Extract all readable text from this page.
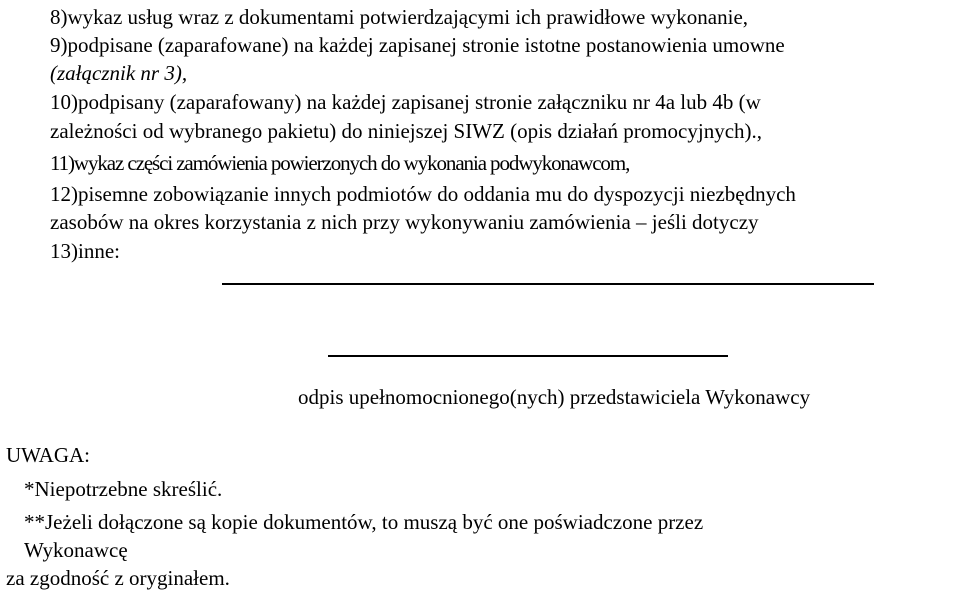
8)wykaz usług wraz z dokumentami potwierdzającymi ich prawidłowe wykonanie,
9)podpisane (zaparafowane) na każdej zapisanej stronie istotne postanowienia umowne
(załącznik nr 3),
10)podpisany (zaparafowany) na każdej zapisanej stronie załączniku nr 4a lub 4b (w
zależności od wybranego pakietu) do niniejszej SIWZ (opis działań promocyjnych).,
11)wykaz części zamówienia powierzonych do wykonania podwykonawcom,
12)pisemne zobowiązanie innych podmiotów do oddania mu do dyspozycji niezbędnych
zasobów na okres korzystania z nich przy wykonywaniu zamówienia – jeśli dotyczy
13)inne:
odpis upełnomocnionego(nych) przedstawiciela Wykonawcy
UWAGA:
*Niepotrzebne skreślić.
**Jeżeli dołączone są kopie dokumentów, to muszą być one poświadczone przez
Wykonawcę
za zgodność z oryginałem.
